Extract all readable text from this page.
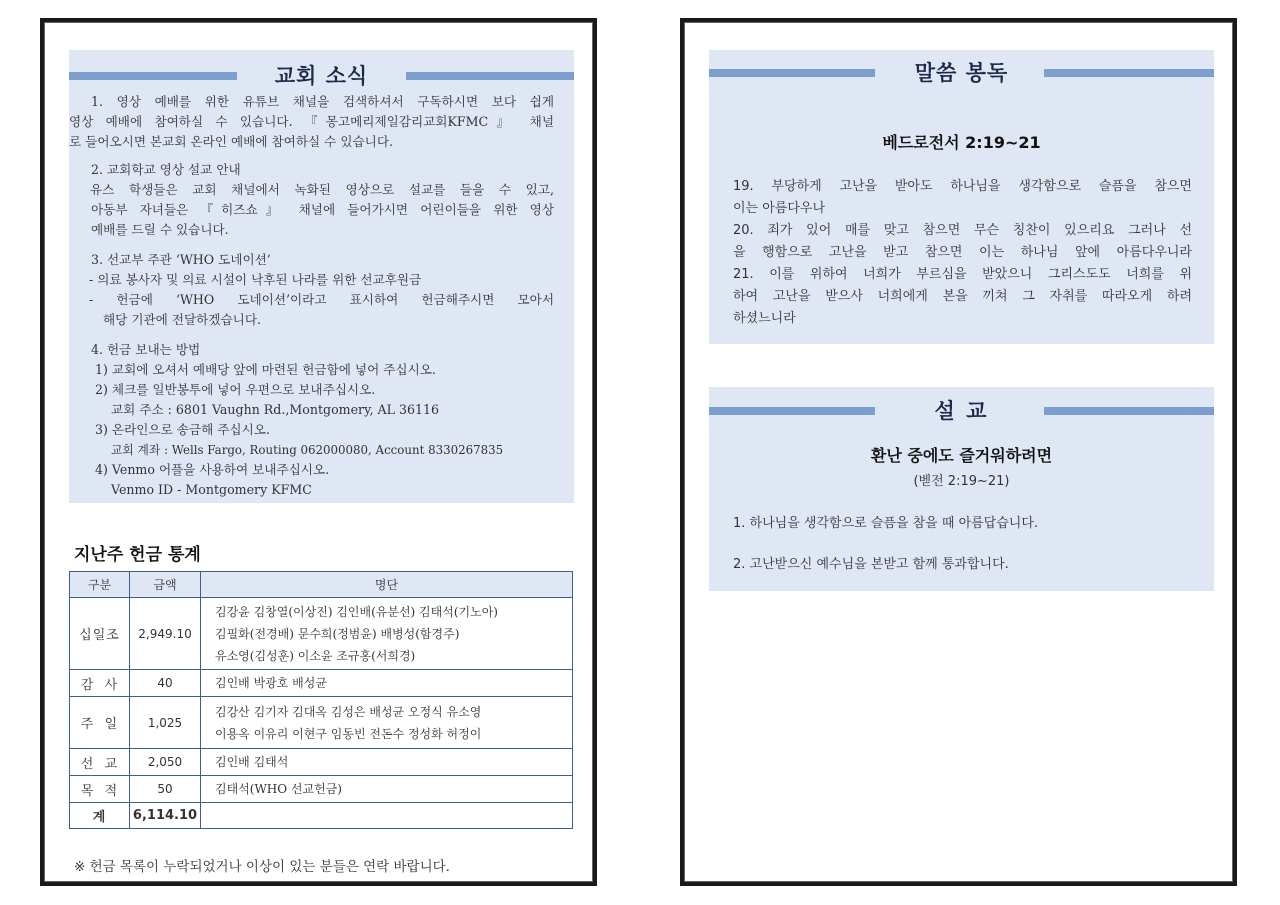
교회 소식
1. 영상 예배를 위한 유튜브 채널을 검색하셔서 구독하시면 보다 쉽게
영상 예배에 참여하실 수 있습니다. 『몽고메리제일감리교회KFMC』 채널
로 들어오시면 본교회 온라인 예배에 참여하실 수 있습니다.
2. 교회학교 영상 설교 안내
유스 학생들은 교회 채널에서 녹화된 영상으로 설교를 들을 수 있고,
아동부 자녀들은 『히즈쇼』 채널에 들어가시면 어린이들을 위한 영상
예배를 드릴 수 있습니다.
3. 선교부 주관 ‘WHO 도네이션’
- 의료 봉사자 및 의료 시설이 낙후된 나라를 위한 선교후원금
- 헌금에 ‘WHO 도네이션’이라고 표시하여 헌금해주시면 모아서
해당 기관에 전달하겠습니다.
4. 헌금 보내는 방법
1) 교회에 오셔서 예배당 앞에 마련된 헌금함에 넣어 주십시오.
2) 체크를 일반봉투에 넣어 우편으로 보내주십시오.
교회 주소 : 6801 Vaughn Rd.,Montgomery, AL 36116
3) 온라인으로 송금해 주십시오.
교회 계좌 : Wells Fargo, Routing 062000080, Account 8330267835
4) Venmo 어플을 사용하여 보내주십시오.
Venmo ID - Montgomery KFMC
지난주 헌금 통계
구분	금액	명단
십일조	2,949.10	김강윤 김창열(이상진) 김인배(유분선) 김태석(기노아)
김필화(전경배) 문수희(정범윤) 배병성(함경주)
유소영(김성훈) 이소윤 조규홍(서희경)

감  사	40	김인배 박광호 배성균

주  일	1,025	김강산 김기자 김대옥 김성은 배성균 오정식 유소영
이용옥 이유리 이현구 임동빈 전돈수 정성화 허정이

선  교	2,050	김인배 김태석

목  적	50	김태석(WHO 선교헌금)

계	6,114.10	
※ 헌금 목록이 누락되었거나 이상이 있는 분들은 연락 바랍니다.
말씀 봉독
베드로전서 2:19~21
19. 부당하게 고난을 받아도 하나님을 생각함으로 슬픔을 참으면
이는 아름다우나
20. 죄가 있어 매를 맞고 참으면 무슨 칭찬이 있으리요 그러나 선
을 행함으로 고난을 받고 참으면 이는 하나님 앞에 아름다우니라
21. 이를 위하여 너희가 부르심을 받았으니 그리스도도 너희를 위
하여 고난을 받으사 너희에게 본을 끼쳐 그 자취를 따라오게 하려
하셨느니라
설 교
환난 중에도 즐거워하려면
(벧전 2:19~21)
1. 하나님을 생각함으로 슬픔을 참을 때 아름답습니다.
2. 고난받으신 예수님을 본받고 함께 통과합니다.
